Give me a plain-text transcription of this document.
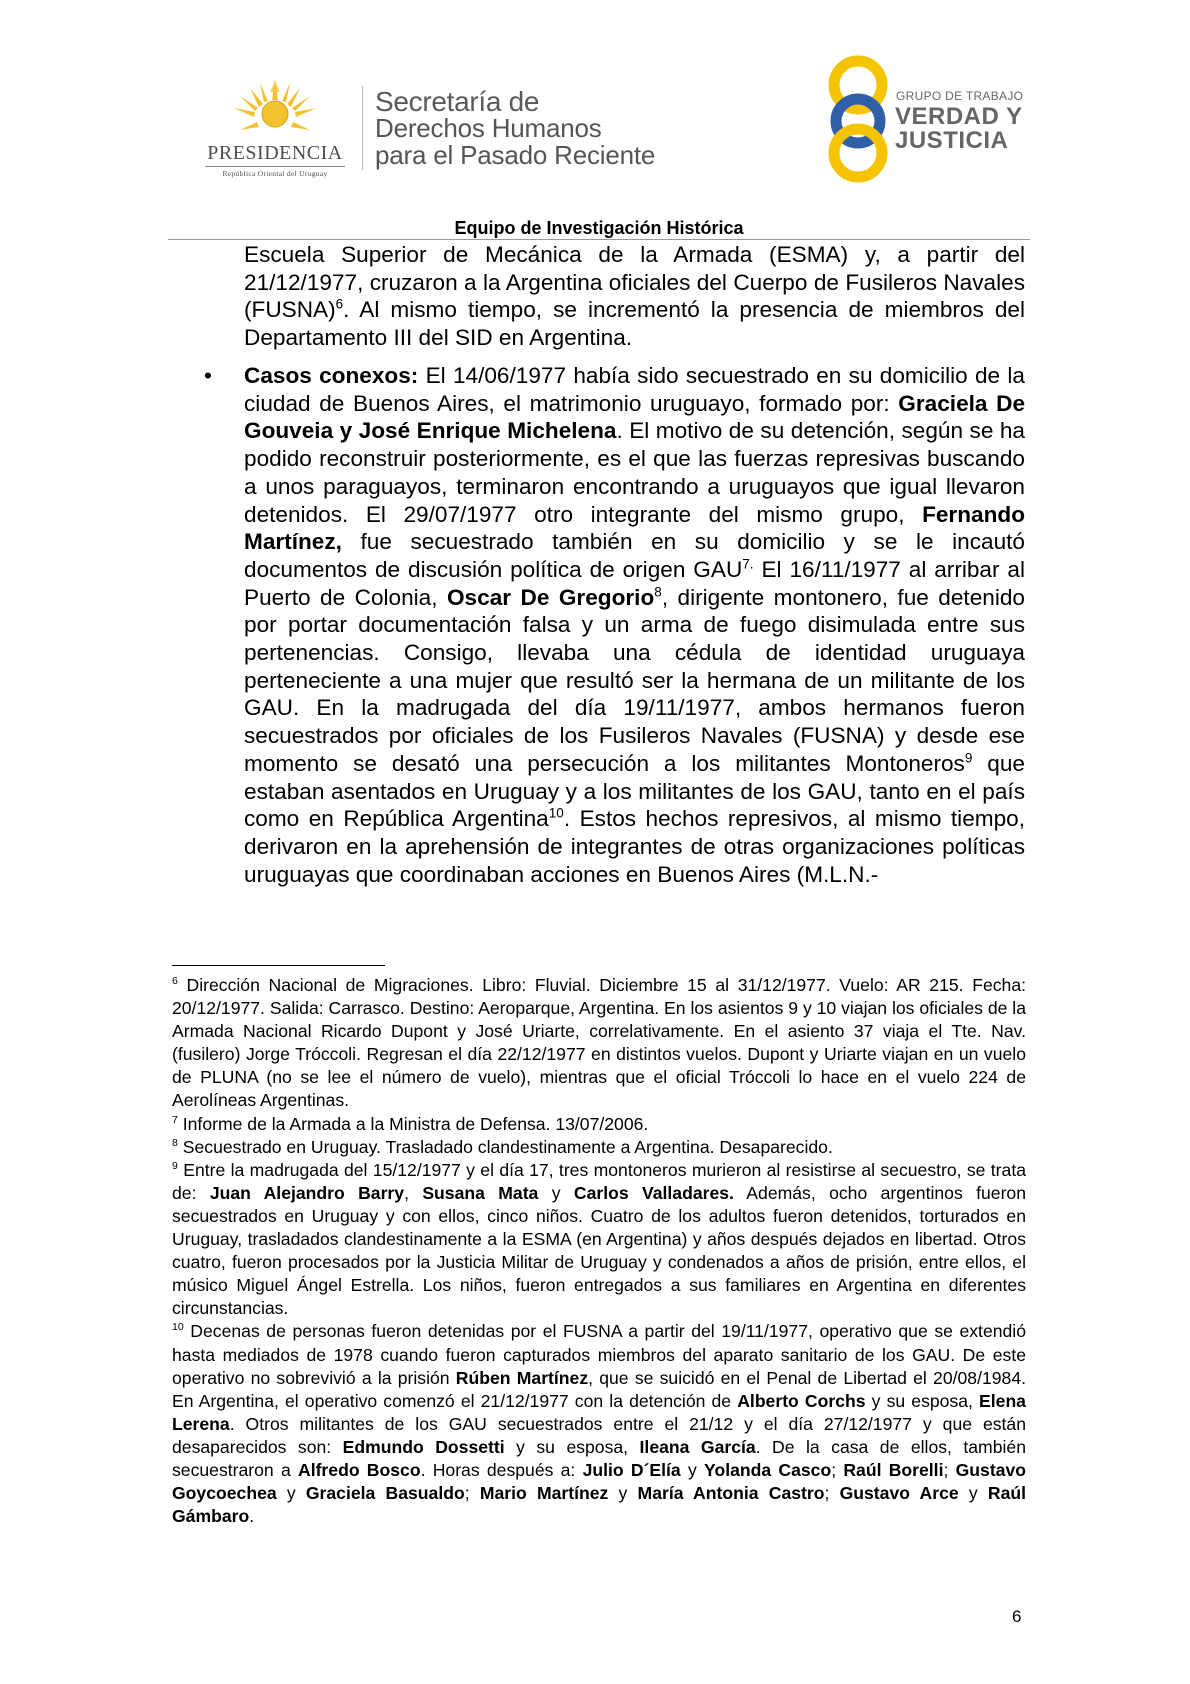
PRESIDENCIA
República Oriental del Uruguay
Secretaría de
Derechos Humanos
para el Pasado Reciente
GRUPO DE TRABAJO
VERDAD Y
JUSTICIA
Equipo de Investigación Histórica
Escuela Superior de Mecánica de la Armada (ESMA) y, a partir del 21/12/1977, cruzaron a la Argentina oficiales del Cuerpo de Fusileros Navales (FUSNA)$^6$. Al mismo tiempo, se incrementó la presencia de miembros del Departamento III del SID en Argentina.
• Casos conexos: El 14/06/1977 había sido secuestrado en su domicilio de la ciudad de Buenos Aires, el matrimonio uruguayo, formado por: Graciela De Gouveia y José Enrique Michelena. El motivo de su detención, según se ha podido reconstruir posteriormente, es el que las fuerzas represivas buscando a unos paraguayos, terminaron encontrando a uruguayos que igual llevaron detenidos. El 29/07/1977 otro integrante del mismo grupo, Fernando Martínez, fue secuestrado también en su domicilio y se le incautó documentos de discusión política de origen $GAU^{7.}$ El 16/11/1977 al arribar al Puerto de Colonia, Oscar De Gregorio$^8$, dirigente montonero, fue detenido por portar documentación falsa y un arma de fuego disimulada entre sus pertenencias. Consigo, llevaba una cédula de identidad uruguaya perteneciente a una mujer que resultó ser la hermana de un militante de los GAU. En la madrugada del día 19/11/1977, ambos hermanos fueron secuestrados por oficiales de los Fusileros Navales (FUSNA) y desde ese momento se desató una persecución a los militantes Montoneros$^9$ que estaban asentados en Uruguay y a los militantes de los GAU, tanto en el país como en República Argentina$^{10}$. Estos hechos represivos, al mismo tiempo, derivaron en la aprehensión de integrantes de otras organizaciones políticas uruguayas que coordinaban acciones en Buenos Aires (M.L.N.-

$^6$ Dirección Nacional de Migraciones. Libro: Fluvial. Diciembre 15 al 31/12/1977. Vuelo: AR 215. Fecha: 20/12/1977. Salida: Carrasco. Destino: Aeroparque, Argentina. En los asientos 9 y 10 viajan los oficiales de la Armada Nacional Ricardo Dupont y José Uriarte, correlativamente. En el asiento 37 viaja el Tte. Nav. (fusilero) Jorge Tróccoli. Regresan el día 22/12/1977 en distintos vuelos. Dupont y Uriarte viajan en un vuelo de PLUNA (no se lee el número de vuelo), mientras que el oficial Tróccoli lo hace en el vuelo 224 de Aerolíneas Argentinas.

$^7$ Informe de la Armada a la Ministra de Defensa. 13/07/2006.

$^8$ Secuestrado en Uruguay. Trasladado clandestinamente a Argentina. Desaparecido.

$^9$ Entre la madrugada del 15/12/1977 y el día 17, tres montoneros murieron al resistirse al secuestro, se trata de: Juan Alejandro Barry, Susana Mata y Carlos Valladares. Además, ocho argentinos fueron secuestrados en Uruguay y con ellos, cinco niños. Cuatro de los adultos fueron detenidos, torturados en Uruguay, trasladados clandestinamente a la ESMA (en Argentina) y años después dejados en libertad. Otros cuatro, fueron procesados por la Justicia Militar de Uruguay y condenados a años de prisión, entre ellos, el músico Miguel Ángel Estrella. Los niños, fueron entregados a sus familiares en Argentina en diferentes circunstancias.

$^{10}$ Decenas de personas fueron detenidas por el FUSNA a partir del 19/11/1977, operativo que se extendió hasta mediados de 1978 cuando fueron capturados miembros del aparato sanitario de los GAU. De este operativo no sobrevivió a la prisión Rúben Martínez, que se suicidó en el Penal de Libertad el 20/08/1984. En Argentina, el operativo comenzó el 21/12/1977 con la detención de Alberto Corchs y su esposa, Elena Lerena. Otros militantes de los GAU secuestrados entre el 21/12 y el día 27/12/1977 y que están desaparecidos son: Edmundo Dossetti y su esposa, Ileana García. De la casa de ellos, también secuestraron a Alfredo Bosco. Horas después a: Julio D´Elía y Yolanda Casco; Raúl Borelli; Gustavo Goycoechea y Graciela Basualdo; Mario Martínez y María Antonia Castro; Gustavo Arce y Raúl Gámbaro.

6
